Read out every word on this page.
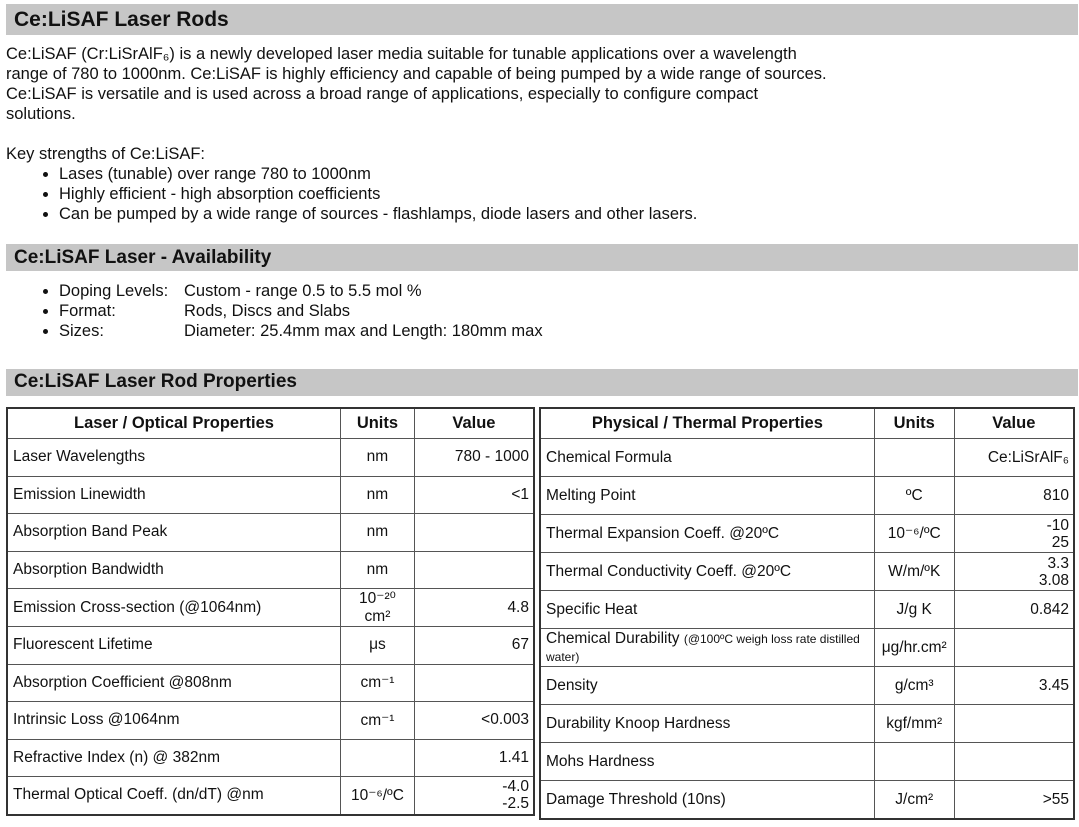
Ce:LiSAF Laser Rods

Ce:LiSAF (Cr:LiSrAlF₆) is a newly developed laser media suitable for tunable applications over a wavelength

range of 780 to 1000nm. Ce:LiSAF is highly efficiency and capable of being pumped by a wide range of sources.

Ce:LiSAF is versatile and is used across a broad range of applications, especially to configure compact

solutions.

Key strengths of Ce:LiSAF:
• Lases (tunable) over range 780 to 1000nm
• Highly efficient - high absorption coefficients
• Can be pumped by a wide range of sources - flashlamps, diode lasers and other lasers.
Ce:LiSAF Laser - Availability
• Doping Levels: Custom - range 0.5 to 5.5 mol %
• Format:	Rods, Discs and Slabs
• Sizes:	Diameter: 25.4mm max and Length: 180mm max
Ce:LiSAF Laser Rod Properties
Laser / Optical Properties	Units	Value
Laser Wavelengths	nm	780 - 1000

Emission Linewidth	nm	<1

Absorption Band Peak	nm	

Absorption Bandwidth	nm	

Emission Cross-section (@1064nm)	10⁻²⁰ cm²	4.8

Fluorescent Lifetime	μs	67

Absorption Coefficient @808nm	cm⁻¹	

Intrinsic Loss @1064nm	cm⁻¹	<0.003

Refractive Index (n) @ 382nm		1.41

Thermal Optical Coeff. (dn/dT) @nm	10⁻⁶/ºC	-4.0
-2.5
Physical / Thermal Properties	Units	Value
Chemical Formula		Ce:LiSrAlF₆

Melting Point	ºC	810

Thermal Expansion Coeff. @20ºC	10⁻⁶/ºC	-10
25

Thermal Conductivity Coeff. @20ºC	W/m/ºK	3.3
3.08

Specific Heat	J/g K	0.842

Chemical Durability (@100ºC weigh loss rate distilled water)	μg/hr.cm²	

Density	g/cm³	3.45

Durability Knoop Hardness	kgf/mm²	

Mohs Hardness		

Damage Threshold (10ns)	J/cm²	>55
